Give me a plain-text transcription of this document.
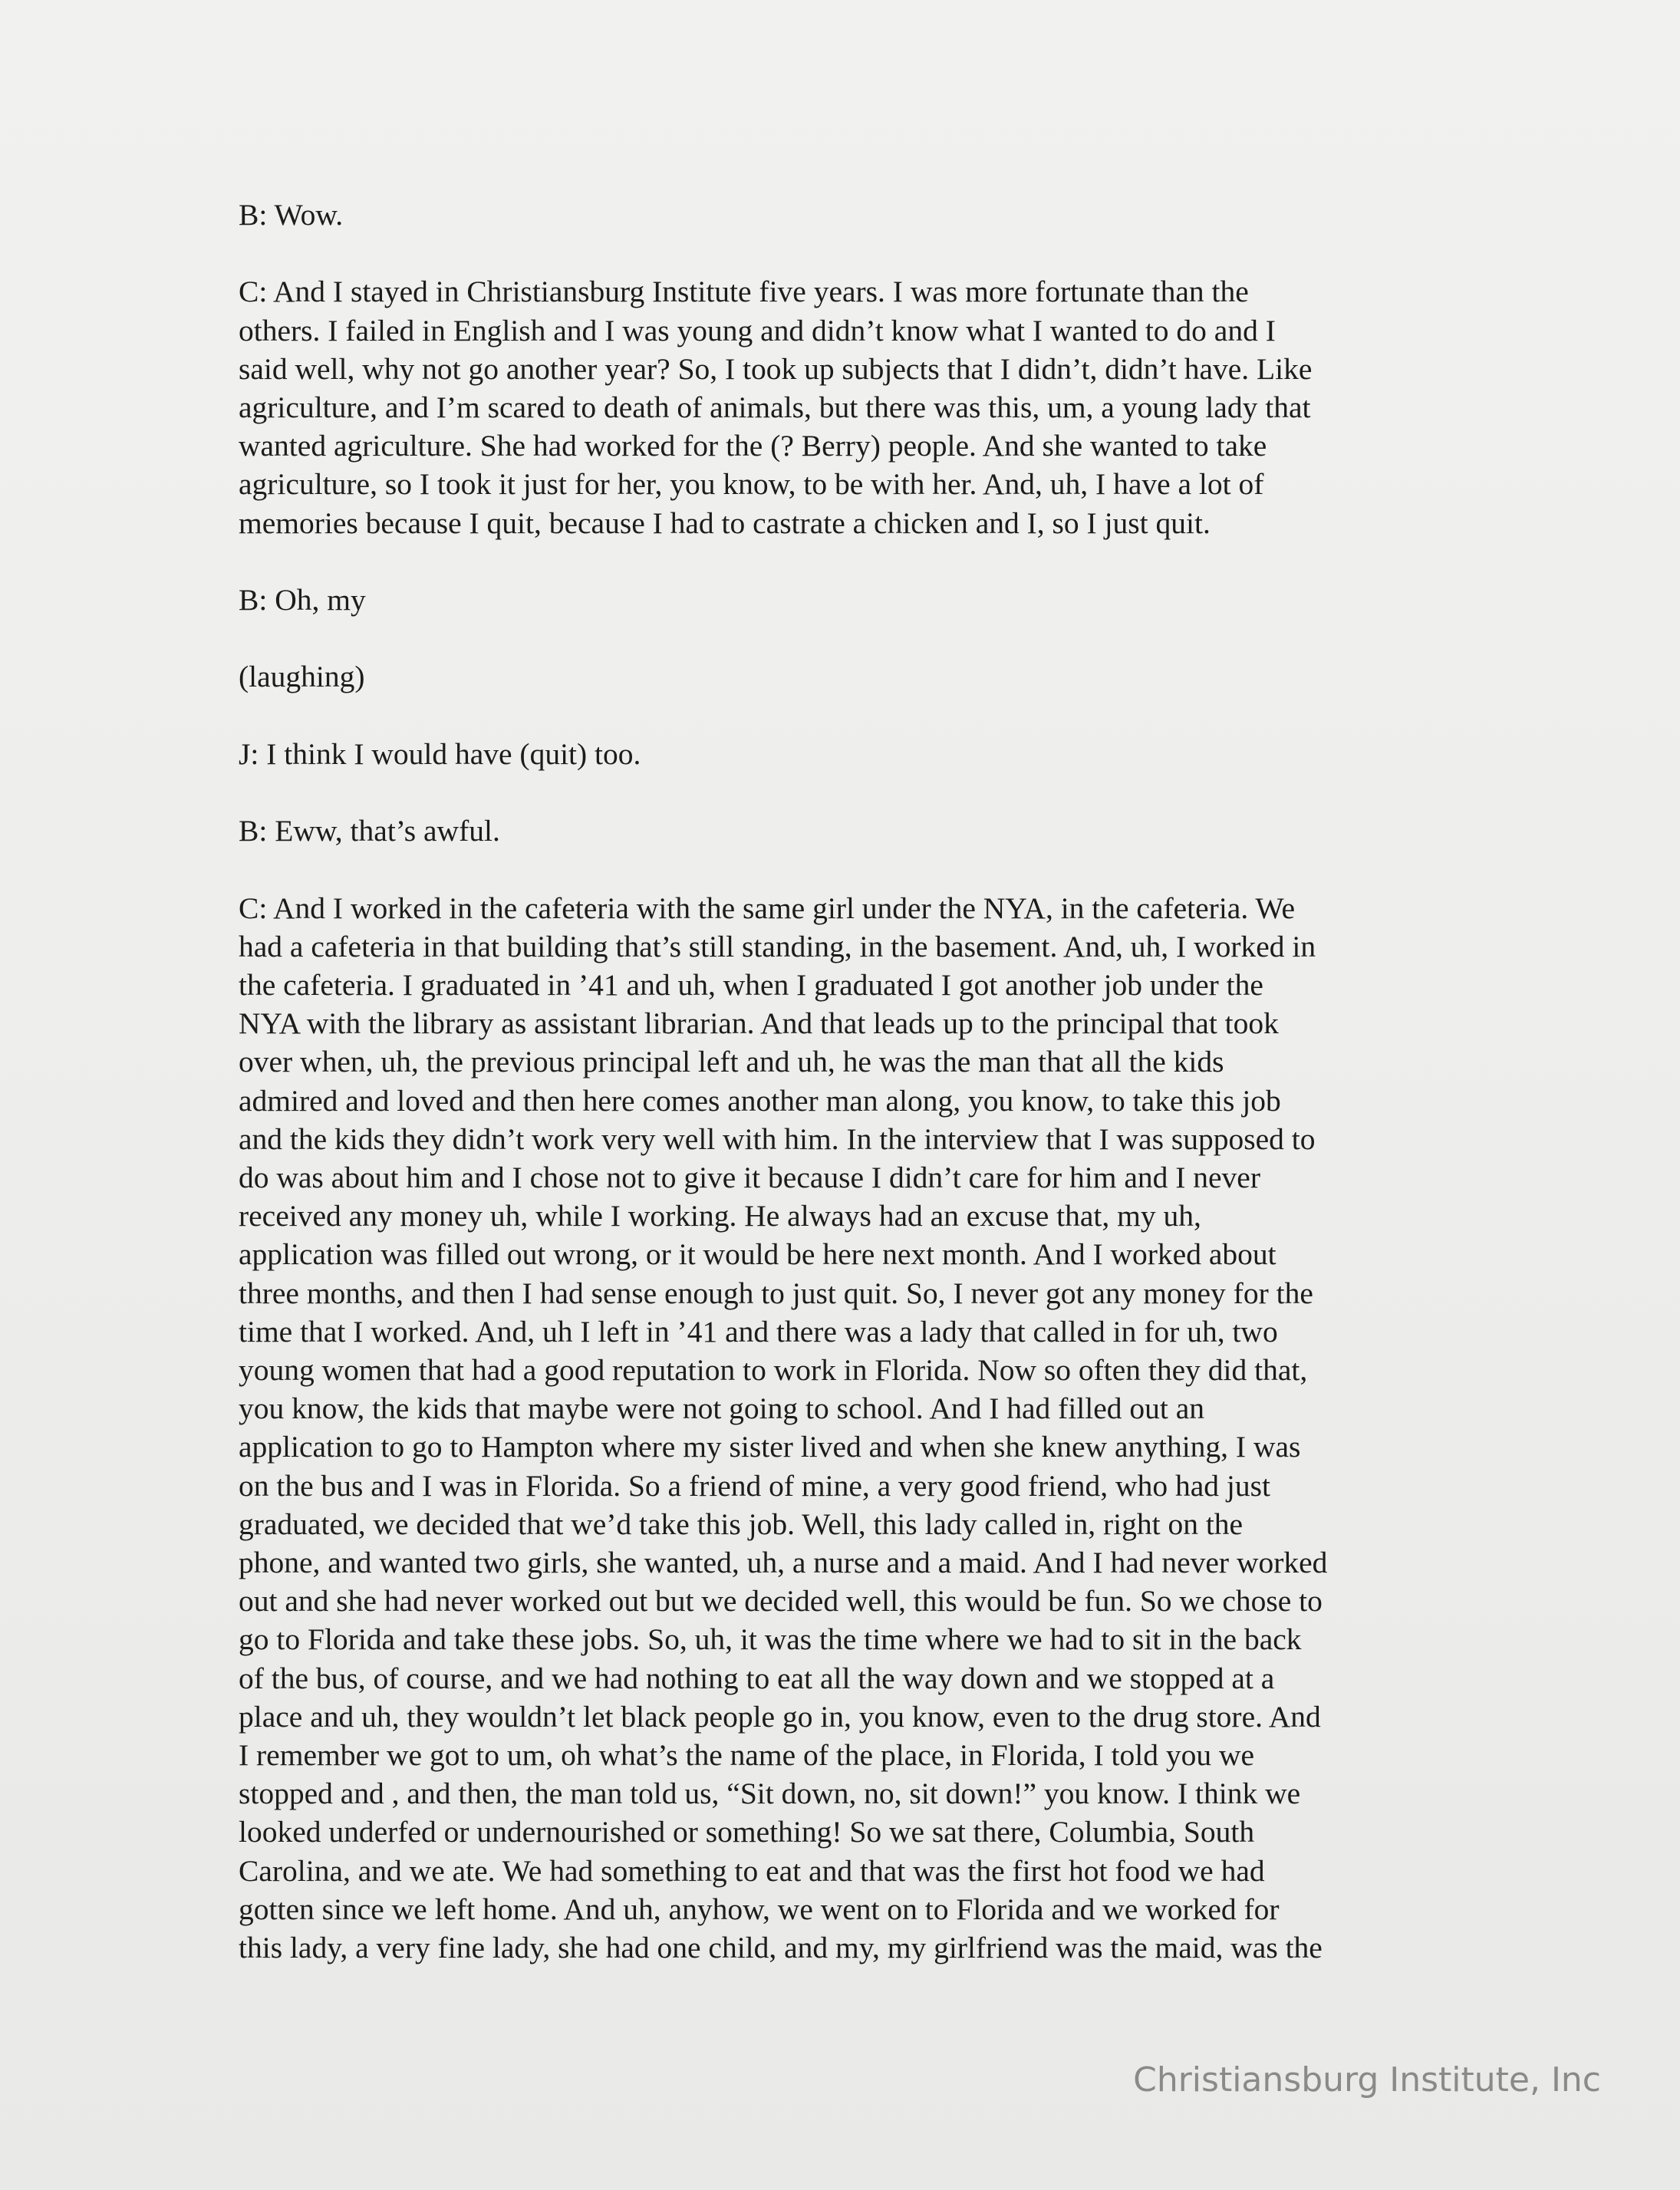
B: Wow.
C: And I stayed in Christiansburg Institute five years. I was more fortunate than the
others. I failed in English and I was young and didn’t know what I wanted to do and I
said well, why not go another year? So, I took up subjects that I didn’t, didn’t have. Like
agriculture, and I’m scared to death of animals, but there was this, um, a young lady that
wanted agriculture. She had worked for the (? Berry) people. And she wanted to take
agriculture, so I took it just for her, you know, to be with her. And, uh, I have a lot of
memories because I quit, because I had to castrate a chicken and I, so I just quit.
B: Oh, my
(laughing)
J: I think I would have (quit) too.
B: Eww, that’s awful.
C: And I worked in the cafeteria with the same girl under the NYA, in the cafeteria. We
had a cafeteria in that building that’s still standing, in the basement. And, uh, I worked in
the cafeteria. I graduated in ’41 and uh, when I graduated I got another job under the
NYA with the library as assistant librarian. And that leads up to the principal that took
over when, uh, the previous principal left and uh, he was the man that all the kids
admired and loved and then here comes another man along, you know, to take this job
and the kids they didn’t work very well with him. In the interview that I was supposed to
do was about him and I chose not to give it because I didn’t care for him and I never
received any money uh, while I working. He always had an excuse that, my uh,
application was filled out wrong, or it would be here next month. And I worked about
three months, and then I had sense enough to just quit. So, I never got any money for the
time that I worked. And, uh I left in ’41 and there was a lady that called in for uh, two
young women that had a good reputation to work in Florida. Now so often they did that,
you know, the kids that maybe were not going to school. And I had filled out an
application to go to Hampton where my sister lived and when she knew anything, I was
on the bus and I was in Florida. So a friend of mine, a very good friend, who had just
graduated, we decided that we’d take this job. Well, this lady called in, right on the
phone, and wanted two girls, she wanted, uh, a nurse and a maid. And I had never worked
out and she had never worked out but we decided well, this would be fun. So we chose to
go to Florida and take these jobs. So, uh, it was the time where we had to sit in the back
of the bus, of course, and we had nothing to eat all the way down and we stopped at a
place and uh, they wouldn’t let black people go in, you know, even to the drug store. And
I remember we got to um, oh what’s the name of the place, in Florida, I told you we
stopped and , and then, the man told us, “Sit down, no, sit down!” you know. I think we
looked underfed or undernourished or something! So we sat there, Columbia, South
Carolina, and we ate. We had something to eat and that was the first hot food we had
gotten since we left home. And uh, anyhow, we went on to Florida and we worked for
this lady, a very fine lady, she had one child, and my, my girlfriend was the maid, was the
Christiansburg Institute, Inc
